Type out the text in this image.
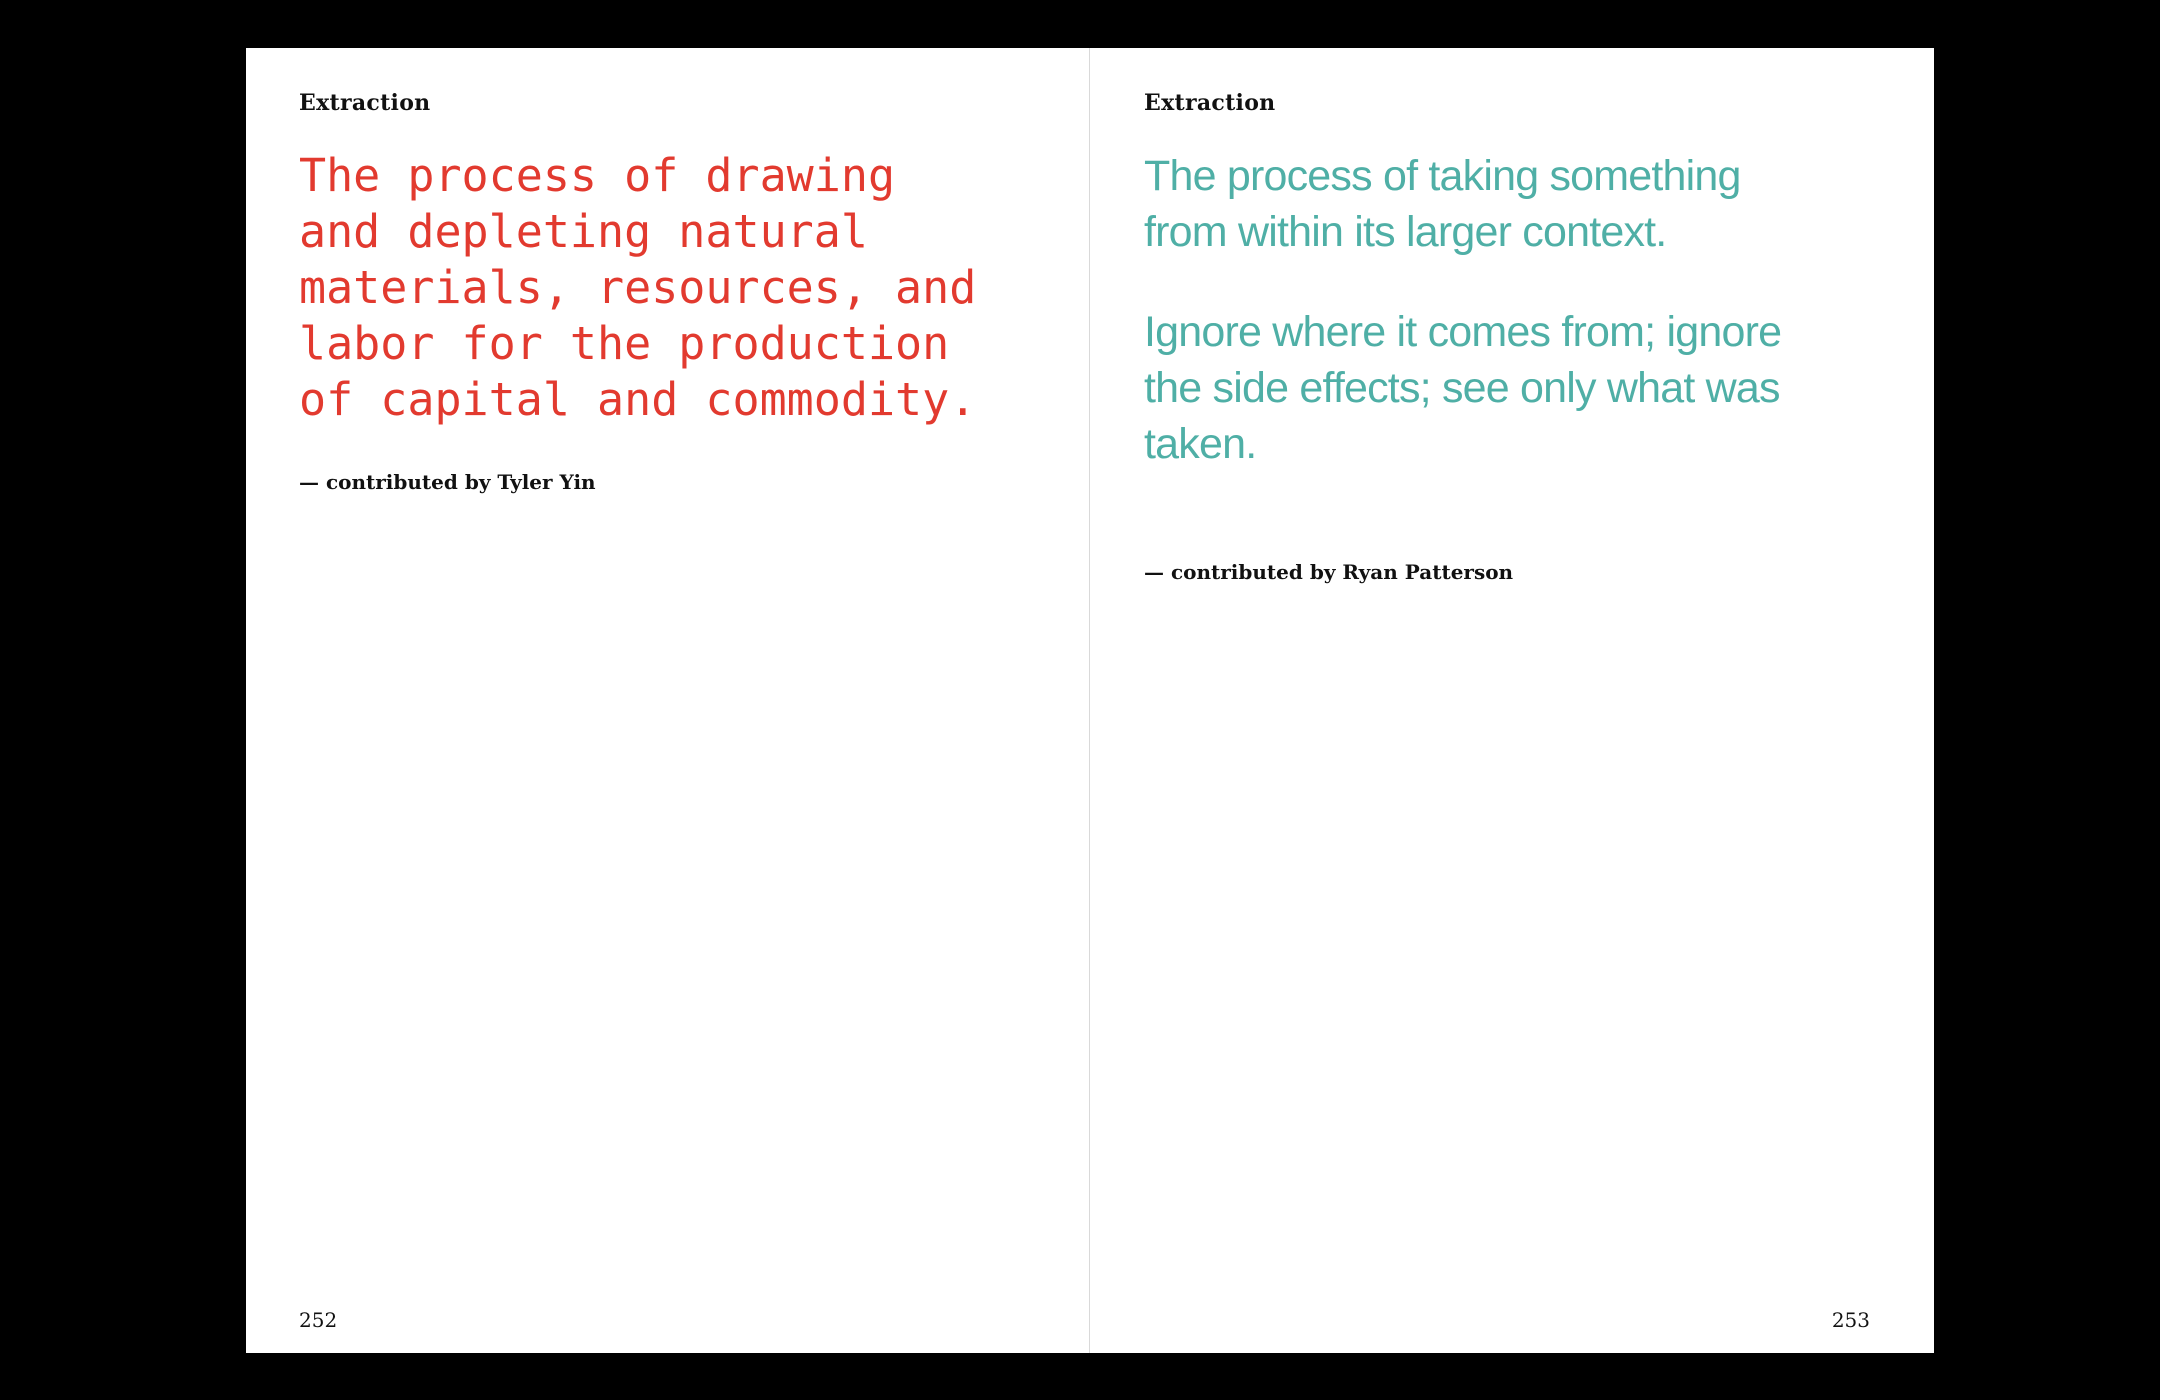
Extraction

The process of drawing
and depleting natural
materials, resources, and
labor for the production
of capital and commodity.

— contributed by Tyler Yin
252
Extraction

The process of taking something
from within its larger context.

Ignore where it comes from; ignore
the side effects; see only what was
taken.

— contributed by Ryan Patterson
253
